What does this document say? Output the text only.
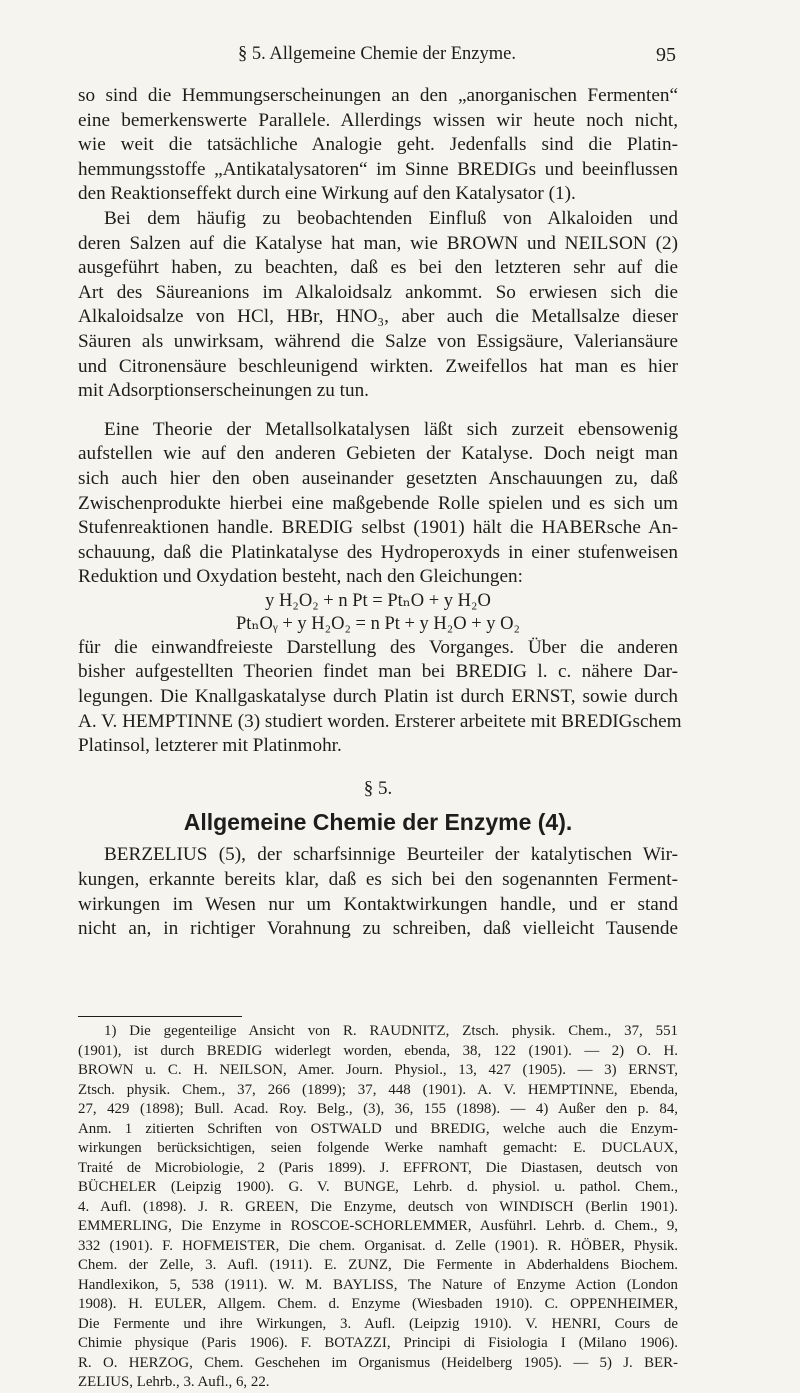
§ 5. Allgemeine Chemie der Enzyme.	95

so sind die Hemmungserscheinungen an den „anorganischen Fermenten“
eine bemerkenswerte Parallele. Allerdings wissen wir heute noch nicht,
wie weit die tatsächliche Analogie geht. Jedenfalls sind die Platin-
hemmungsstoffe „Antikatalysatoren“ im Sinne BREDIGs und beeinflussen
den Reaktionseffekt durch eine Wirkung auf den Katalysator (1).

Bei dem häufig zu beobachtenden Einfluß von Alkaloiden und
deren Salzen auf die Katalyse hat man, wie BROWN und NEILSON (2)
ausgeführt haben, zu beachten, daß es bei den letzteren sehr auf die
Art des Säureanions im Alkaloidsalz ankommt. So erwiesen sich die
Alkaloidsalze von HCl, HBr, HNO₃, aber auch die Metallsalze dieser
Säuren als unwirksam, während die Salze von Essigsäure, Valeriansäure
und Citronensäure beschleunigend wirkten. Zweifellos hat man es hier
mit Adsorptionserscheinungen zu tun.

Eine Theorie der Metallsolkatalysen läßt sich zurzeit ebensowenig
aufstellen wie auf den anderen Gebieten der Katalyse. Doch neigt man
sich auch hier den oben auseinander gesetzten Anschauungen zu, daß
Zwischenprodukte hierbei eine maßgebende Rolle spielen und es sich um
Stufenreaktionen handle. BREDIG selbst (1901) hält die HABERsche An-
schauung, daß die Platinkatalyse des Hydroperoxyds in einer stufenweisen
Reduktion und Oxydation besteht, nach den Gleichungen:

y H₂O₂ + n Pt = PtₙO + y H₂O

PtₙOᵧ + y H₂O₂ = n Pt + y H₂O + y O₂

für die einwandfreieste Darstellung des Vorganges. Über die anderen
bisher aufgestellten Theorien findet man bei BREDIG l. c. nähere Dar-
legungen. Die Knallgaskatalyse durch Platin ist durch ERNST, sowie durch
A. V. HEMPTINNE (3) studiert worden. Ersterer arbeitete mit BREDIGschem
Platinsol, letzterer mit Platinmohr.

§ 5.

Allgemeine Chemie der Enzyme (4).

BERZELIUS (5), der scharfsinnige Beurteiler der katalytischen Wir-
kungen, erkannte bereits klar, daß es sich bei den sogenannten Ferment-
wirkungen im Wesen nur um Kontaktwirkungen handle, und er stand
nicht an, in richtiger Vorahnung zu schreiben, daß vielleicht Tausende

1) Die gegenteilige Ansicht von R. RAUDNITZ, Ztsch. physik. Chem., 37, 551
(1901), ist durch BREDIG widerlegt worden, ebenda, 38, 122 (1901). — 2) O. H.
BROWN u. C. H. NEILSON, Amer. Journ. Physiol., 13, 427 (1905). — 3) ERNST,
Ztsch. physik. Chem., 37, 266 (1899); 37, 448 (1901). A. V. HEMPTINNE, Ebenda,
27, 429 (1898); Bull. Acad. Roy. Belg., (3), 36, 155 (1898). — 4) Außer den p. 84,
Anm. 1 zitierten Schriften von OSTWALD und BREDIG, welche auch die Enzym-
wirkungen berücksichtigen, seien folgende Werke namhaft gemacht: E. DUCLAUX,
Traité de Microbiologie, 2 (Paris 1899). J. EFFRONT, Die Diastasen, deutsch von
BÜCHELER (Leipzig 1900). G. V. BUNGE, Lehrb. d. physiol. u. pathol. Chem.,
4. Aufl. (1898). J. R. GREEN, Die Enzyme, deutsch von WINDISCH (Berlin 1901).
EMMERLING, Die Enzyme in ROSCOE-SCHORLEMMER, Ausführl. Lehrb. d. Chem., 9,
332 (1901). F. HOFMEISTER, Die chem. Organisat. d. Zelle (1901). R. HÖBER, Physik.
Chem. der Zelle, 3. Aufl. (1911). E. ZUNZ, Die Fermente in Abderhaldens Biochem.
Handlexikon, 5, 538 (1911). W. M. BAYLISS, The Nature of Enzyme Action (London
1908). H. EULER, Allgem. Chem. d. Enzyme (Wiesbaden 1910). C. OPPENHEIMER,
Die Fermente und ihre Wirkungen, 3. Aufl. (Leipzig 1910). V. HENRI, Cours de
Chimie physique (Paris 1906). F. BOTAZZI, Principi di Fisiologia I (Milano 1906).
R. O. HERZOG, Chem. Geschehen im Organismus (Heidelberg 1905). — 5) J. BER-
ZELIUS, Lehrb., 3. Aufl., 6, 22.
